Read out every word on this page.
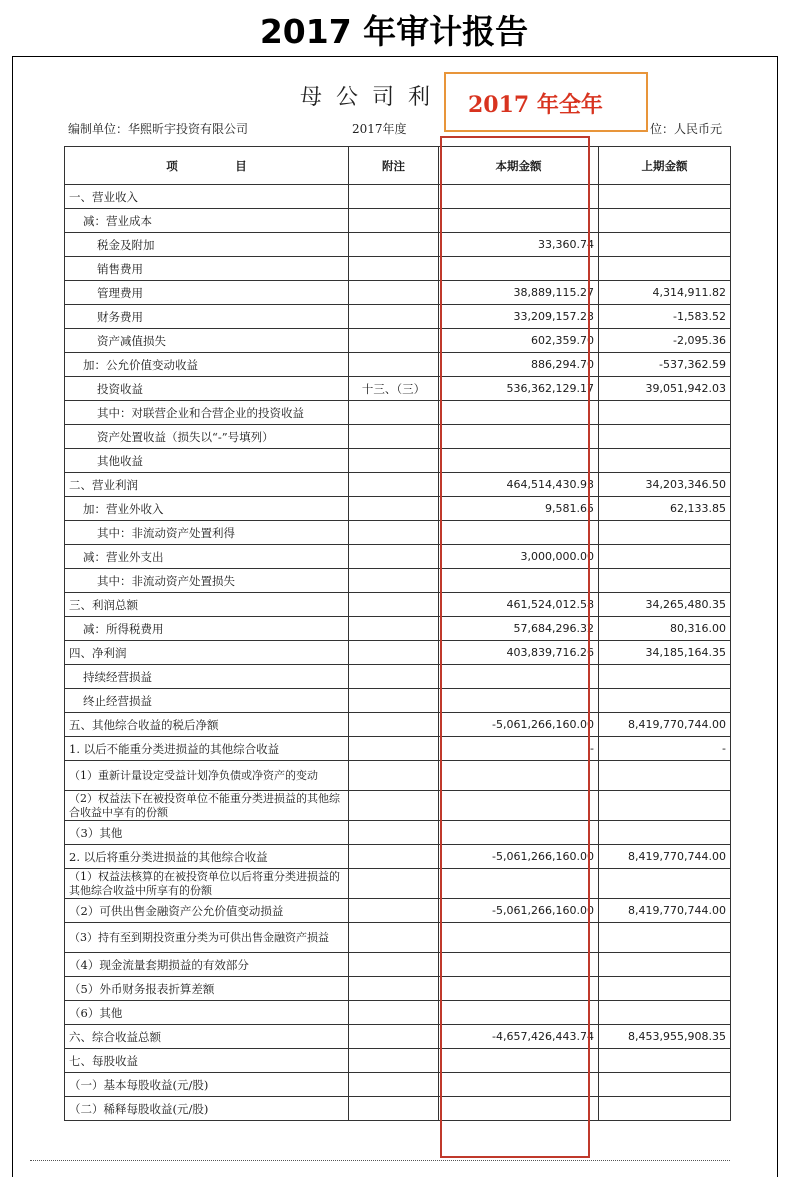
2017 年审计报告
母公司利
编制单位：华熙昕宇投资有限公司	2017年度	位：人民币元
项　　　　　目	附注	本期金额	上期金额
一、营业收入			
减：营业成本			
税金及附加		33,360.74	
销售费用			
管理费用		38,889,115.27	4,314,911.82
财务费用		33,209,157.23	-1,583.52
资产减值损失		602,359.70	-2,095.36
加：公允价值变动收益		886,294.70	-537,362.59
投资收益	十三、（三）	536,362,129.17	39,051,942.03
其中：对联营企业和合营企业的投资收益			
资产处置收益（损失以“-”号填列）			
其他收益			
二、营业利润		464,514,430.93	34,203,346.50
加：营业外收入		9,581.65	62,133.85
其中：非流动资产处置利得			
减：营业外支出		3,000,000.00	
其中：非流动资产处置损失			
三、利润总额		461,524,012.58	34,265,480.35
减：所得税费用		57,684,296.32	80,316.00
四、净利润		403,839,716.26	34,185,164.35
持续经营损益			
终止经营损益			
五、其他综合收益的税后净额		-5,061,266,160.00	8,419,770,744.00
1. 以后不能重分类进损益的其他综合收益		-	-
（1）重新计量设定受益计划净负债或净资产的变动			
（2）权益法下在被投资单位不能重分类进损益的其他综合收益中享有的份额			
（3）其他			
2. 以后将重分类进损益的其他综合收益		-5,061,266,160.00	8,419,770,744.00
（1）权益法核算的在被投资单位以后将重分类进损益的其他综合收益中所享有的份额			
（2）可供出售金融资产公允价值变动损益		-5,061,266,160.00	8,419,770,744.00
（3）持有至到期投资重分类为可供出售金融资产损益			
（4）现金流量套期损益的有效部分			
（5）外币财务报表折算差额			
（6）其他			
六、综合收益总额		-4,657,426,443.74	8,453,955,908.35
七、每股收益			
（一）基本每股收益(元/股)			
（二）稀释每股收益(元/股)			
2017 年全年
